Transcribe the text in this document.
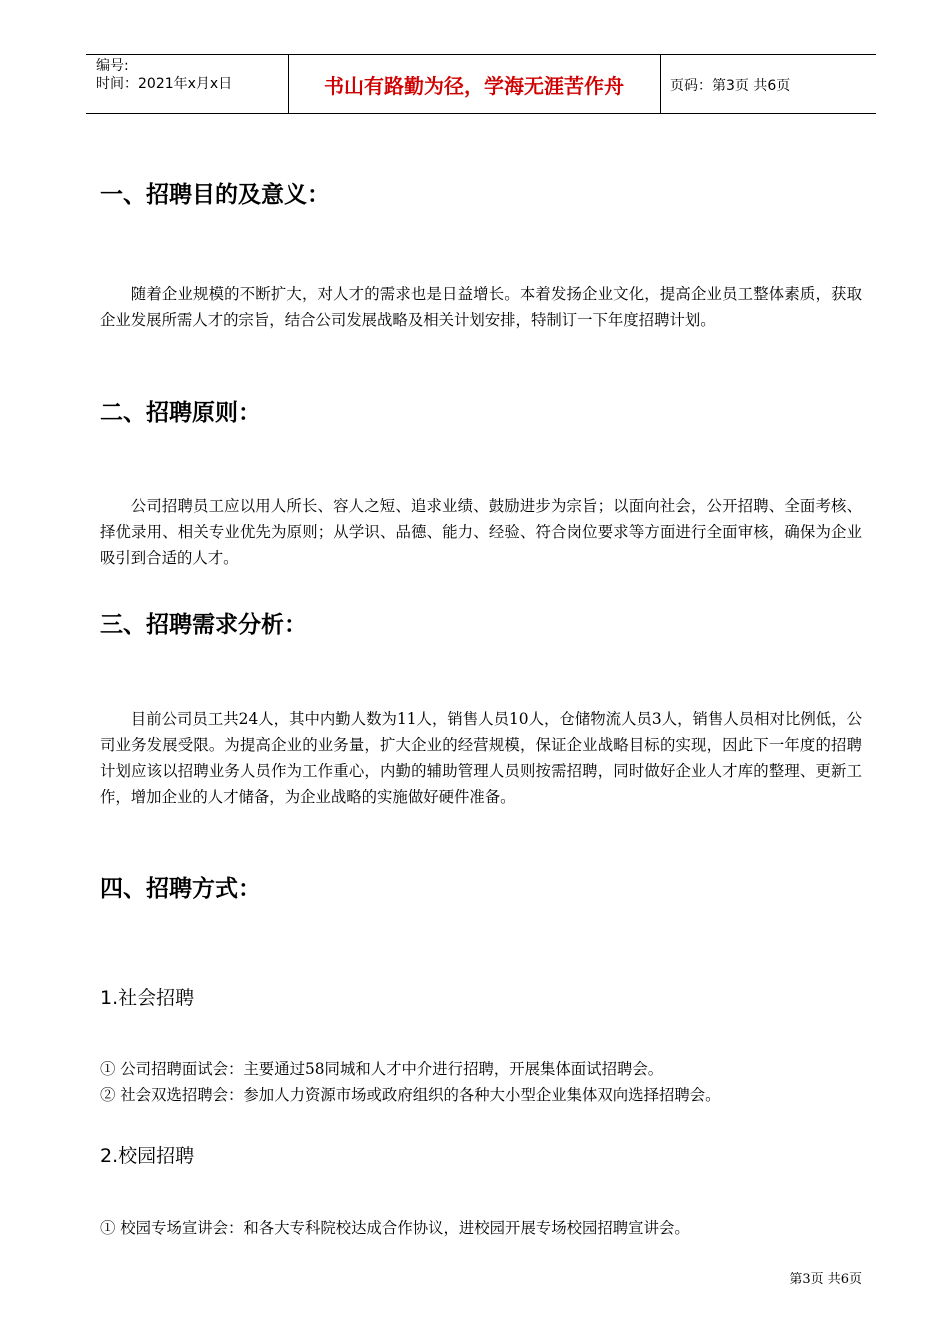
编号:
时间：2021年x月x日	书山有路勤为径，学海无涯苦作舟	页码：第3页 共6页
一、招聘目的及意义：
随着企业规模的不断扩大，对人才的需求也是日益增长。本着发扬企业文化，提高企业员工整体素质，获取企业发展所需人才的宗旨，结合公司发展战略及相关计划安排，特制订一下年度招聘计划。
二、招聘原则：
公司招聘员工应以用人所长、容人之短、追求业绩、鼓励进步为宗旨；以面向社会，公开招聘、全面考核、择优录用、相关专业优先为原则；从学识、品德、能力、经验、符合岗位要求等方面进行全面审核，确保为企业吸引到合适的人才。
三、招聘需求分析：
目前公司员工共24人，其中内勤人数为11人，销售人员10人，仓储物流人员3人，销售人员相对比例低，公司业务发展受限。为提高企业的业务量，扩大企业的经营规模，保证企业战略目标的实现，因此下一年度的招聘计划应该以招聘业务人员作为工作重心，内勤的辅助管理人员则按需招聘，同时做好企业人才库的整理、更新工作，增加企业的人才储备，为企业战略的实施做好硬件准备。
四、招聘方式：
1.社会招聘
① 公司招聘面试会：主要通过58同城和人才中介进行招聘，开展集体面试招聘会。
② 社会双选招聘会：参加人力资源市场或政府组织的各种大小型企业集体双向选择招聘会。
2.校园招聘
① 校园专场宣讲会：和各大专科院校达成合作协议，进校园开展专场校园招聘宣讲会。
第3页 共6页
